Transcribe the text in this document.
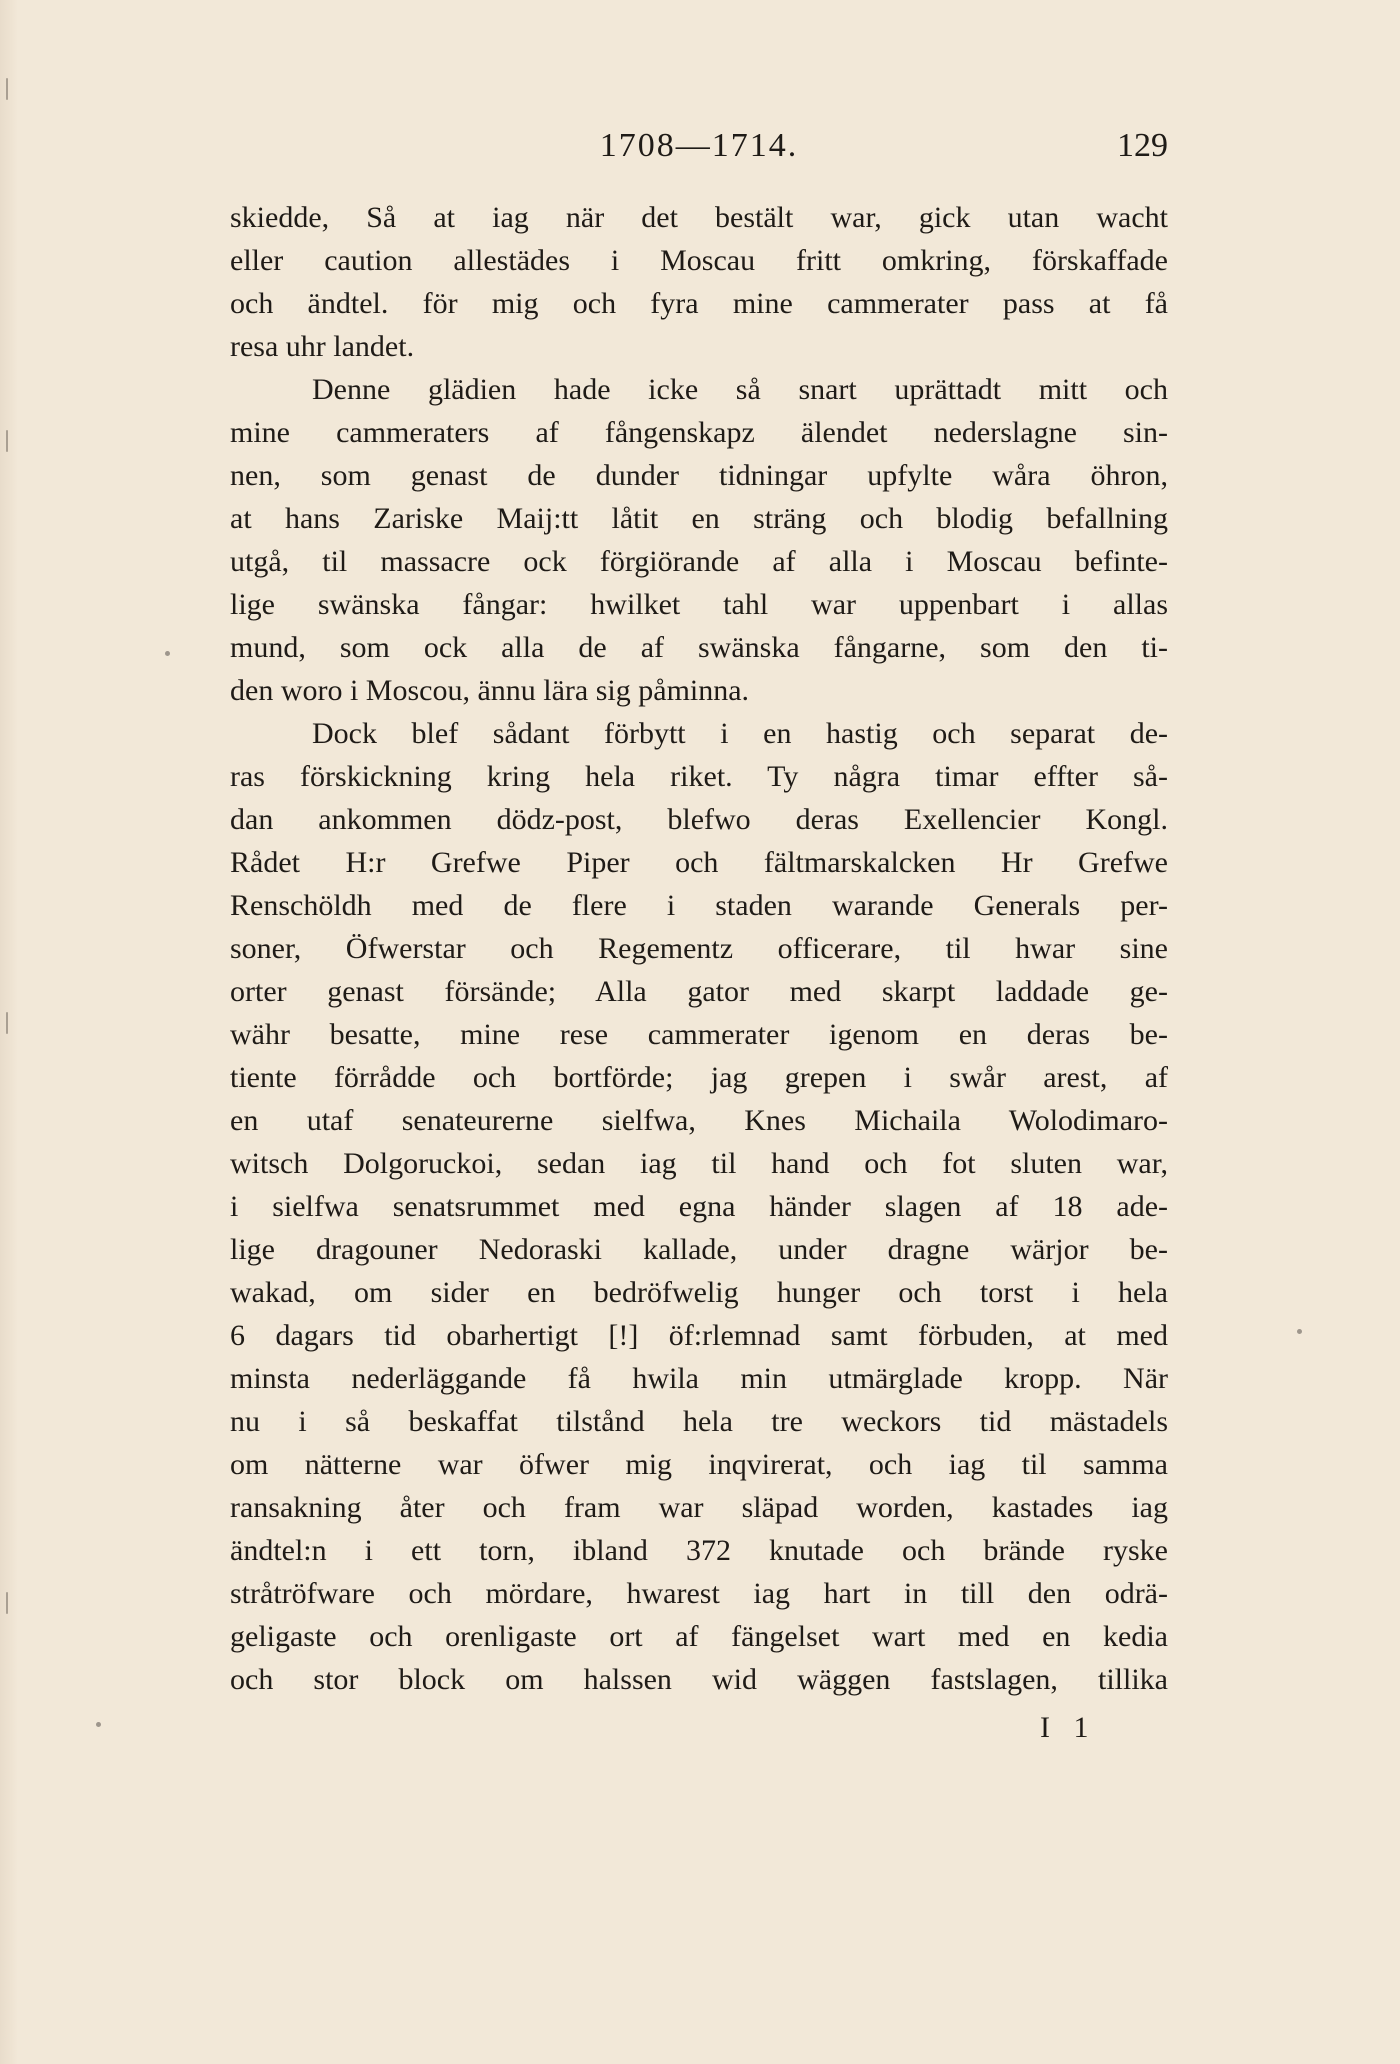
1708—1714.	129
skiedde, Så at iag när det bestält war, gick utan wacht
eller caution allestädes i Moscau fritt omkring, förskaffade
och ändtel. för mig och fyra mine cammerater pass at få
resa uhr landet.
Denne glädien hade icke så snart uprättadt mitt och
mine cammeraters af fångenskapz älendet nederslagne sin-
nen, som genast de dunder tidningar upfylte wåra öhron,
at hans Zariske Maij:tt låtit en sträng och blodig befallning
utgå, til massacre ock förgiörande af alla i Moscau befinte-
lige swänska fångar: hwilket tahl war uppenbart i allas
mund, som ock alla de af swänska fångarne, som den ti-
den woro i Moscou, ännu lära sig påminna.
Dock blef sådant förbytt i en hastig och separat de-
ras förskickning kring hela riket. Ty några timar effter så-
dan ankommen dödz-post, blefwo deras Exellencier Kongl.
Rådet H:r Grefwe Piper och fältmarskalcken Hr Grefwe
Renschöldh med de flere i staden warande Generals per-
soner, Öfwerstar och Regementz officerare, til hwar sine
orter genast försände; Alla gator med skarpt laddade ge-
währ besatte, mine rese cammerater igenom en deras be-
tiente förrådde och bortförde; jag grepen i swår arest, af
en utaf senateurerne sielfwa, Knes Michaila Wolodimaro-
witsch Dolgoruckoi, sedan iag til hand och fot sluten war,
i sielfwa senatsrummet med egna händer slagen af 18 ade-
lige dragouner Nedoraski kallade, under dragne wärjor be-
wakad, om sider en bedröfwelig hunger och torst i hela
6 dagars tid obarhertigt [!] öf:rlemnad samt förbuden, at med
minsta nederläggande få hwila min utmärglade kropp. När
nu i så beskaffat tilstånd hela tre weckors tid mästadels
om nätterne war öfwer mig inqvirerat, och iag til samma
ransakning åter och fram war släpad worden, kastades iag
ändtel:n i ett torn, ibland 372 knutade och brände ryske
stråtröfware och mördare, hwarest iag hart in till den odrä-
geligaste och orenligaste ort af fängelset wart med en kedia
och stor block om halssen wid wäggen fastslagen, tillika
I 1
